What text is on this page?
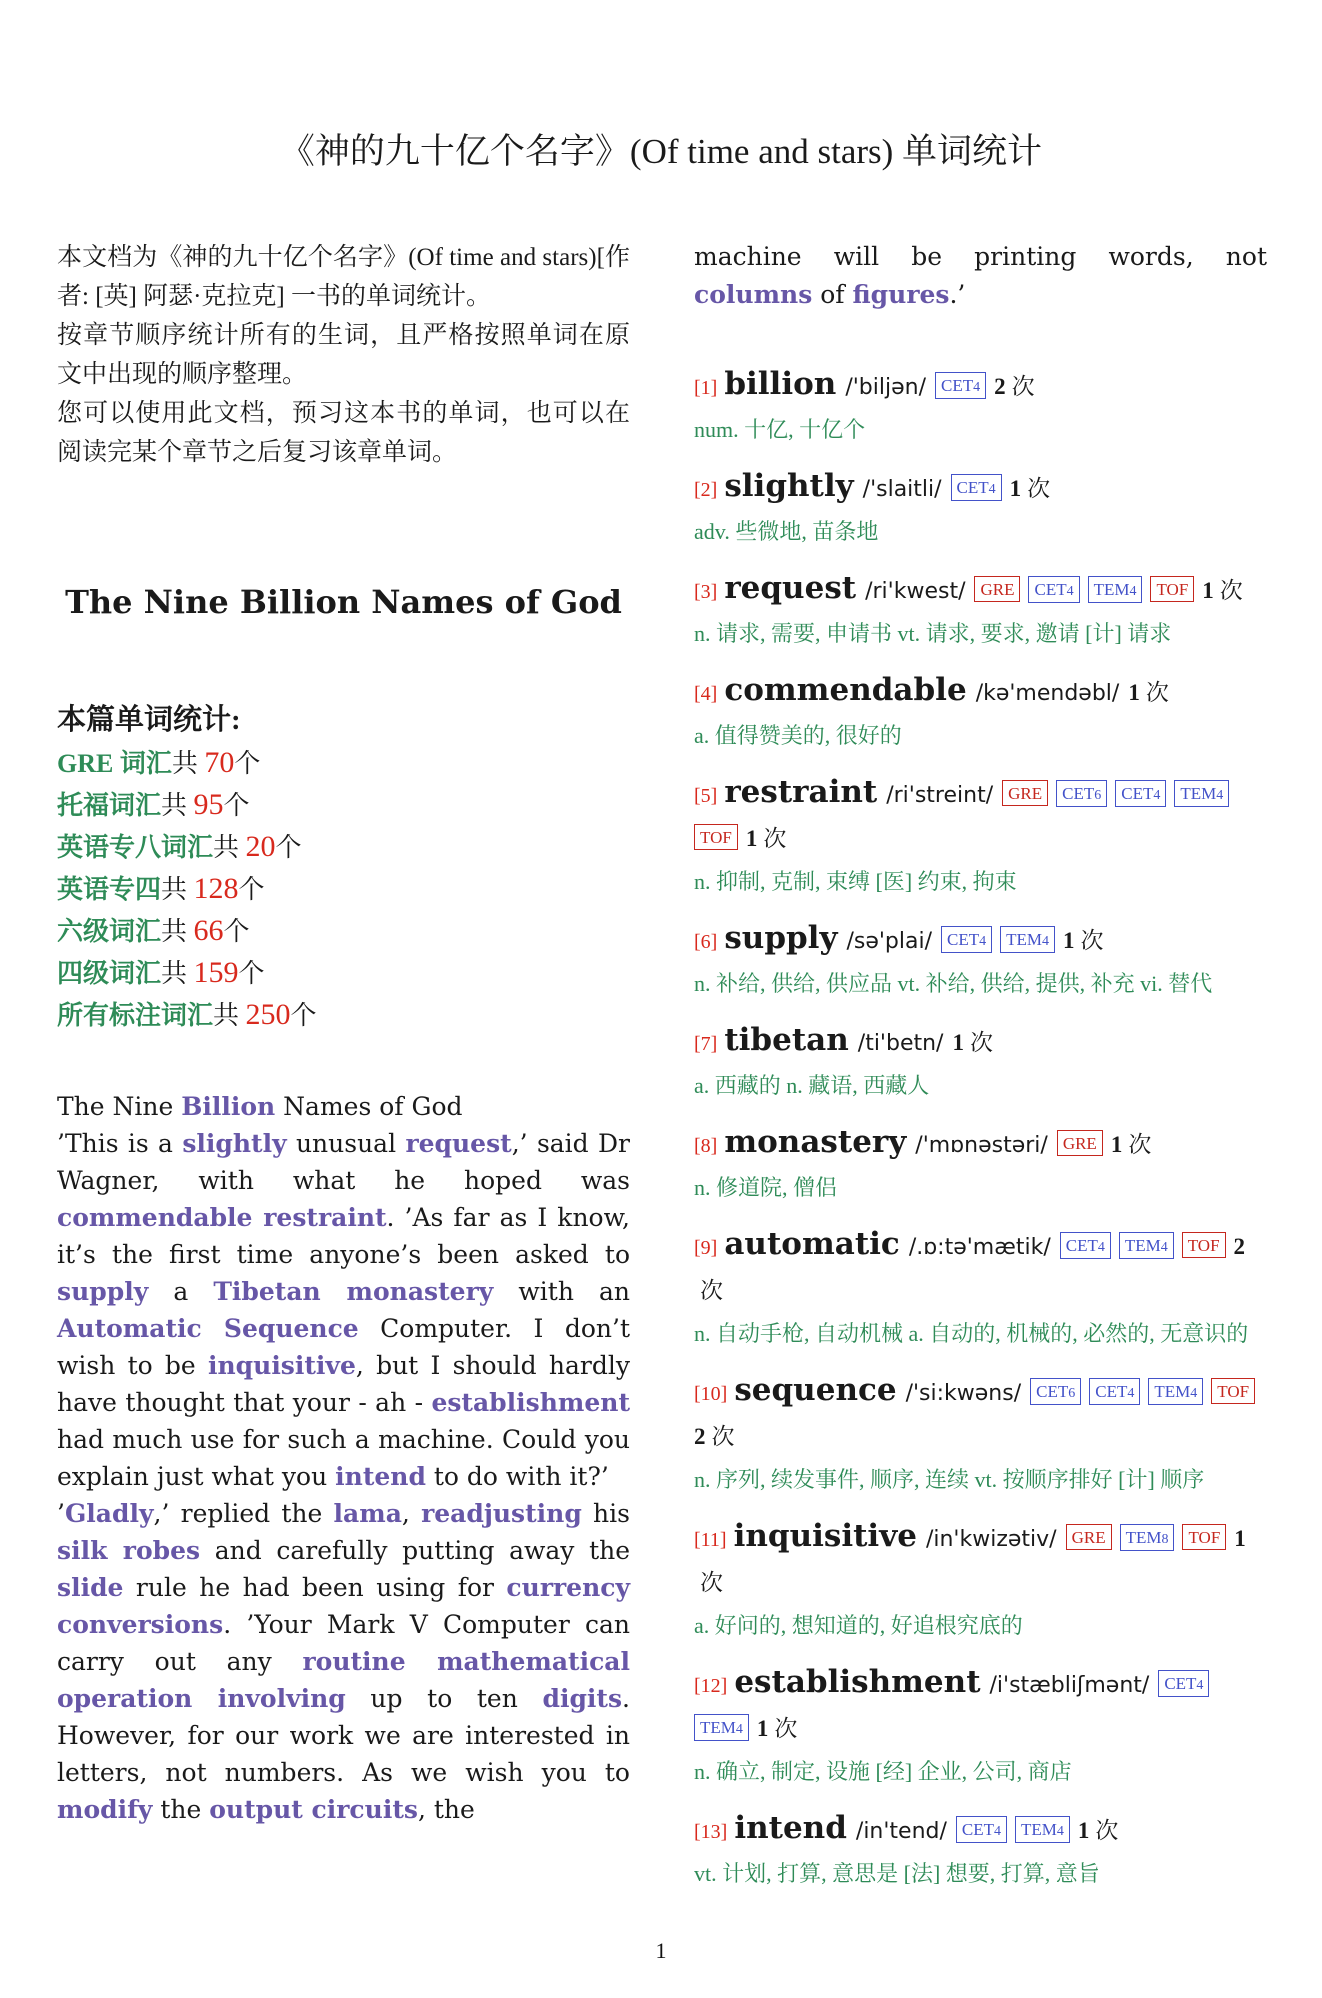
《神的九十亿个名字》(Of time and stars) 单词统计

本文档为《神的九十亿个名字》(Of time and stars)[作者: [英] 阿瑟·克拉克] 一书的单词统计。

按章节顺序统计所有的生词，且严格按照单词在原文中出现的顺序整理。

您可以使用此文档，预习这本书的单词，也可以在阅读完某个章节之后复习该章单词。

The Nine Billion Names of God
本篇单词统计:
GRE 词汇共 70个
托福词汇共 95个
英语专八词汇共 20个
英语专四共 128个
六级词汇共 66个
四级词汇共 159个
所有标注词汇共 250个

The Nine Billion Names of God

’This is a slightly unusual request,’ said Dr Wagner, with what he hoped was commendable restraint. ’As far as I know, it’s the first time anyone’s been asked to supply a Tibetan monastery with an Automatic Sequence Computer. I don’t wish to be inquisitive, but I should hardly have thought that your - ah - establishment had much use for such a machine. Could you explain just what you intend to do with it?’

’Gladly,’ replied the lama, readjusting his silk robes and carefully putting away the slide rule he had been using for currency conversions. ’Your Mark V Computer can carry out any routine mathematical operation involving up to ten digits. However, for our work we are interested in letters, not numbers. As we wish you to modify the output circuits, the

machine will be printing words, not columns of figures.’

[1] billion /'biljən/ CET4 2 次
num. 十亿, 十亿个
[2] slightly /'slaitli/ CET4 1 次
adv. 些微地, 苗条地
[3] request /ri'kwest/ GRE CET4 TEM4 TOF 1 次
n. 请求, 需要, 申请书 vt. 请求, 要求, 邀请 [计] 请求
[4] commendable /kə'mendəbl/ 1 次
a. 值得赞美的, 很好的
[5] restraint /ri'streint/ GRE CET6 CET4 TEM4TOF 1 次
n. 抑制, 克制, 束缚 [医] 约束, 拘束
[6] supply /sə'plai/ CET4 TEM4 1 次
n. 补给, 供给, 供应品 vt. 补给, 供给, 提供, 补充 vi. 替代
[7] tibetan /ti'betn/ 1 次
a. 西藏的 n. 藏语, 西藏人
[8] monastery /'mɒnəstəri/ GRE 1 次
n. 修道院, 僧侣
[9] automatic /.ɒ:tə'mætik/ CET4 TEM4 TOF 2次
n. 自动手枪, 自动机械 a. 自动的, 机械的, 必然的, 无意识的
[10] sequence /'si:kwəns/ CET6 CET4 TEM4 TOF2 次
n. 序列, 续发事件, 顺序, 连续 vt. 按顺序排好 [计] 顺序
[11] inquisitive /in'kwizətiv/ GRE TEM8 TOF 1次
a. 好问的, 想知道的, 好追根究底的
[12] establishment /i'stæbliʃmənt/ CET4TEM4 1 次
n. 确立, 制定, 设施 [经] 企业, 公司, 商店
[13] intend /in'tend/ CET4 TEM4 1 次
vt. 计划, 打算, 意思是 [法] 想要, 打算, 意旨
1
